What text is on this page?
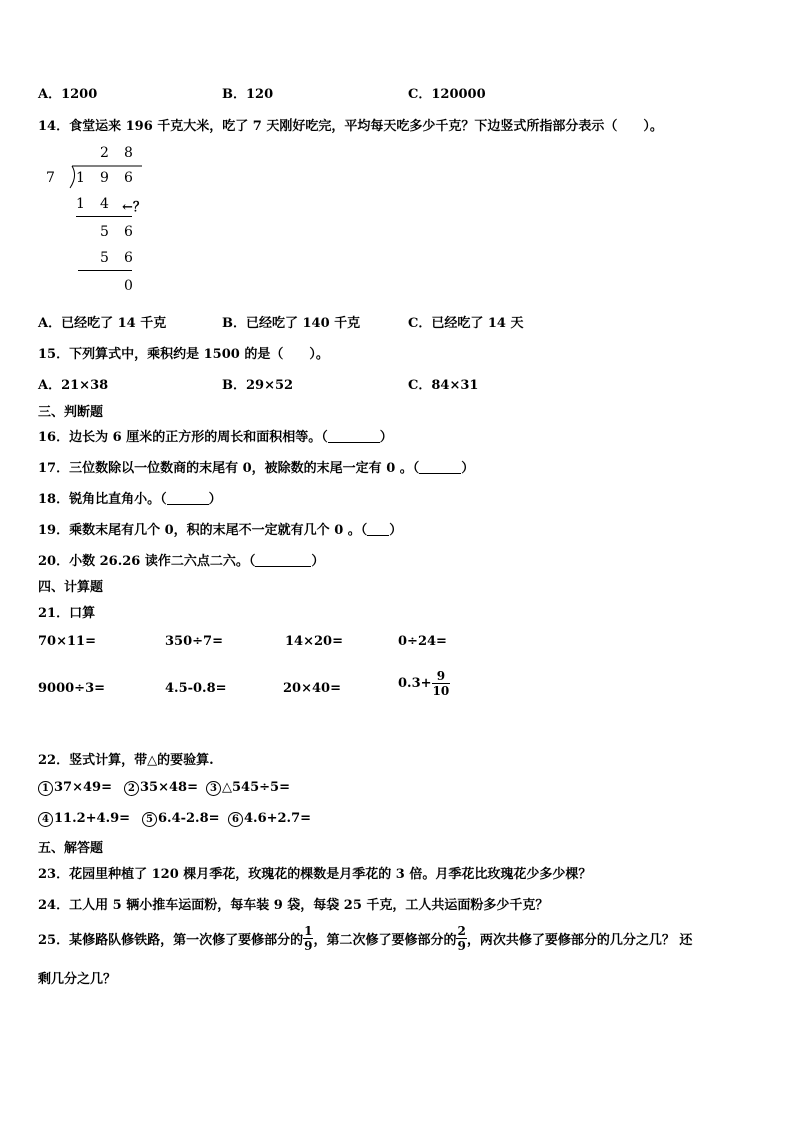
A．1200	B．120	C．120000
14．食堂运来 196 千克大米，吃了 7 天刚好吃完，平均每天吃多少千克？下边竖式所指部分表示（　　）。
2 8
7 1 9 6
1 4 ←？
5 6
5 6
0
A．已经吃了 14 千克	B．已经吃了 140 千克	C．已经吃了 14 天
15．下列算式中，乘积约是 1500 的是（　　）。
A．21×38	B．29×52	C．84×31
三、判断题
16．边长为 6 厘米的正方形的周长和面积相等。（	）
17．三位数除以一位数商的末尾有 0，被除数的末尾一定有 0 。（	）
18．锐角比直角小。（	）
19．乘数末尾有几个 0，积的末尾不一定就有几个 0 。（ ）
20．小数 26.26 读作二六点二六。（	）
四、计算题
21．口算
70×11=	350÷7=	14×20=	0÷24=
9000÷3=	4.5-0.8=	20×40=	$0.3+ \frac{9}{10}$
22．竖式计算，带△的要验算.
1 37×49=	2 35×48=	3 △545÷5=
4 11.2+4.9=	5 6.4-2.8=	6 4.6+2.7=
五、解答题
23．花园里种植了 120 棵月季花，玫瑰花的棵数是月季花的 3 倍。月季花比玫瑰花少多少棵？
24．工人用 5 辆小推车运面粉，每车装 9 袋，每袋 25 千克，工人共运面粉多少千克？
25．某修路队修铁路，第一次修了要修部分的 $\frac{1}{9}$ ，第二次修了要修部分的 $\frac{2}{9}$ ，两次共修了要修部分的几分之几？ 还
剩几分之几？
